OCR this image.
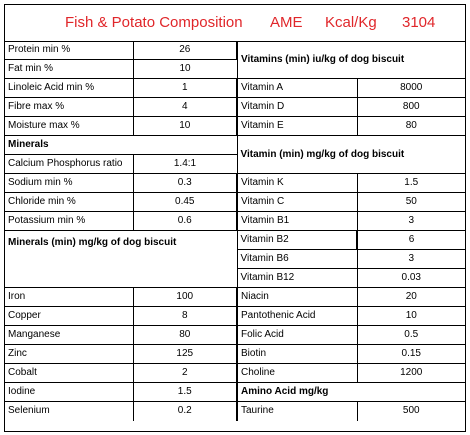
Fish & Potato Composition AME Kcal/Kg 3104
Protein min %	26	Vitamins (min) iu/kg of dog biscuit	
Fat min %	10		
Linoleic Acid min %	1	Vitamin A	8000
Fibre max %	4	Vitamin D	800
Moisture max %	10	Vitamin E	80
Minerals		Vitamin (min) mg/kg of dog biscuit	
Calcium Phosphorus ratio	1.4:1		
Sodium min %	0.3	Vitamin K	1.5
Chloride min %	0.45	Vitamin C	50
Potassium min %	0.6	Vitamin B1	3
Minerals (min) mg/kg of dog biscuit		Vitamin B2	6
		Vitamin B6	3
		Vitamin B12	0.03
Iron	100	Niacin	20
Copper	8	Pantothenic Acid	10
Manganese	80	Folic Acid	0.5
Zinc	125	Biotin	0.15
Cobalt	2	Choline	1200
Iodine	1.5	Amino Acid mg/kg	
Selenium	0.2	Taurine	500
